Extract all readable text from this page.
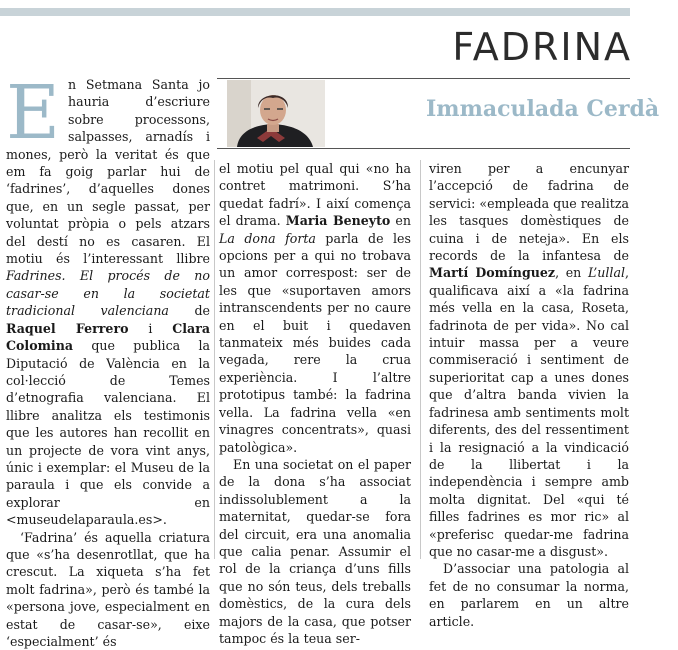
FADRINA
Immaculada Cerdà

En Setmana Santa jo hauria d’escriure sobre processons, salpasses, arnadís i mones, però la veritat és que em fa goig parlar hui de ‘fadrines’, d’aquelles dones que, en un segle passat, per voluntat pròpia o pels atzars del destí no es casaren. El motiu és l’interessant llibre Fadrines. El procés de no casar-se en la societat tradicional valenciana de Raquel Ferrero i Clara Colomina que publica la Diputació de València en la col·lecció de Temes d’etnografia valenciana. El llibre analitza els testimonis que les autores han recollit en un projecte de vora vint anys, únic i exemplar: el Museu de la paraula i que els convide a explorar en <museudelaparaula.es>.

‘Fadrina’ és aquella criatura que «s’ha desenrotllat, que ha crescut. La xiqueta s’ha fet molt fadrina», però és també la «persona jove, especialment en estat de casar-se», eixe ‘especialment’ és

el motiu pel qual qui «no ha contret matrimoni. S’ha quedat fadrí». I així comença el drama. Maria Beneyto en La dona forta parla de les opcions per a qui no trobava un amor correspost: ser de les que «suportaven amors intranscendents per no caure en el buit i quedaven tanmateix més buides cada vegada, rere la crua experiència. I l’altre prototipus també: la fadrina vella. La fadrina vella «en vinagres concentrats», quasi patològica».

En una societat on el paper de la dona s’ha associat indissolublement a la maternitat, quedar-se fora del circuit, era una anomalia que calia penar. Assumir el rol de la criança d’uns fills que no són teus, dels treballs domèstics, de la cura dels majors de la casa, que potser tampoc és la teua ser-

viren per a encunyar l’accepció de fadrina de servici: «empleada que realitza les tasques domèstiques de cuina i de neteja». En els records de la infantesa de Martí Domínguez, en L’ullal, qualificava així a «la fadrina més vella en la casa, Roseta, fadrinota de per vida». No cal intuir massa per a veure commiseració i sentiment de superioritat cap a unes dones que d’altra banda vivien la fadrinesa amb sentiments molt diferents, des del ressentiment i la resignació a la vindicació de la llibertat i la independència i sempre amb molta dignitat. Del «qui té filles fadrines es mor ric» al «preferisc quedar-me fadrina que no casar-me a disgust».

D’associar una patologia al fet de no consumar la norma, en parlarem en un altre article.
